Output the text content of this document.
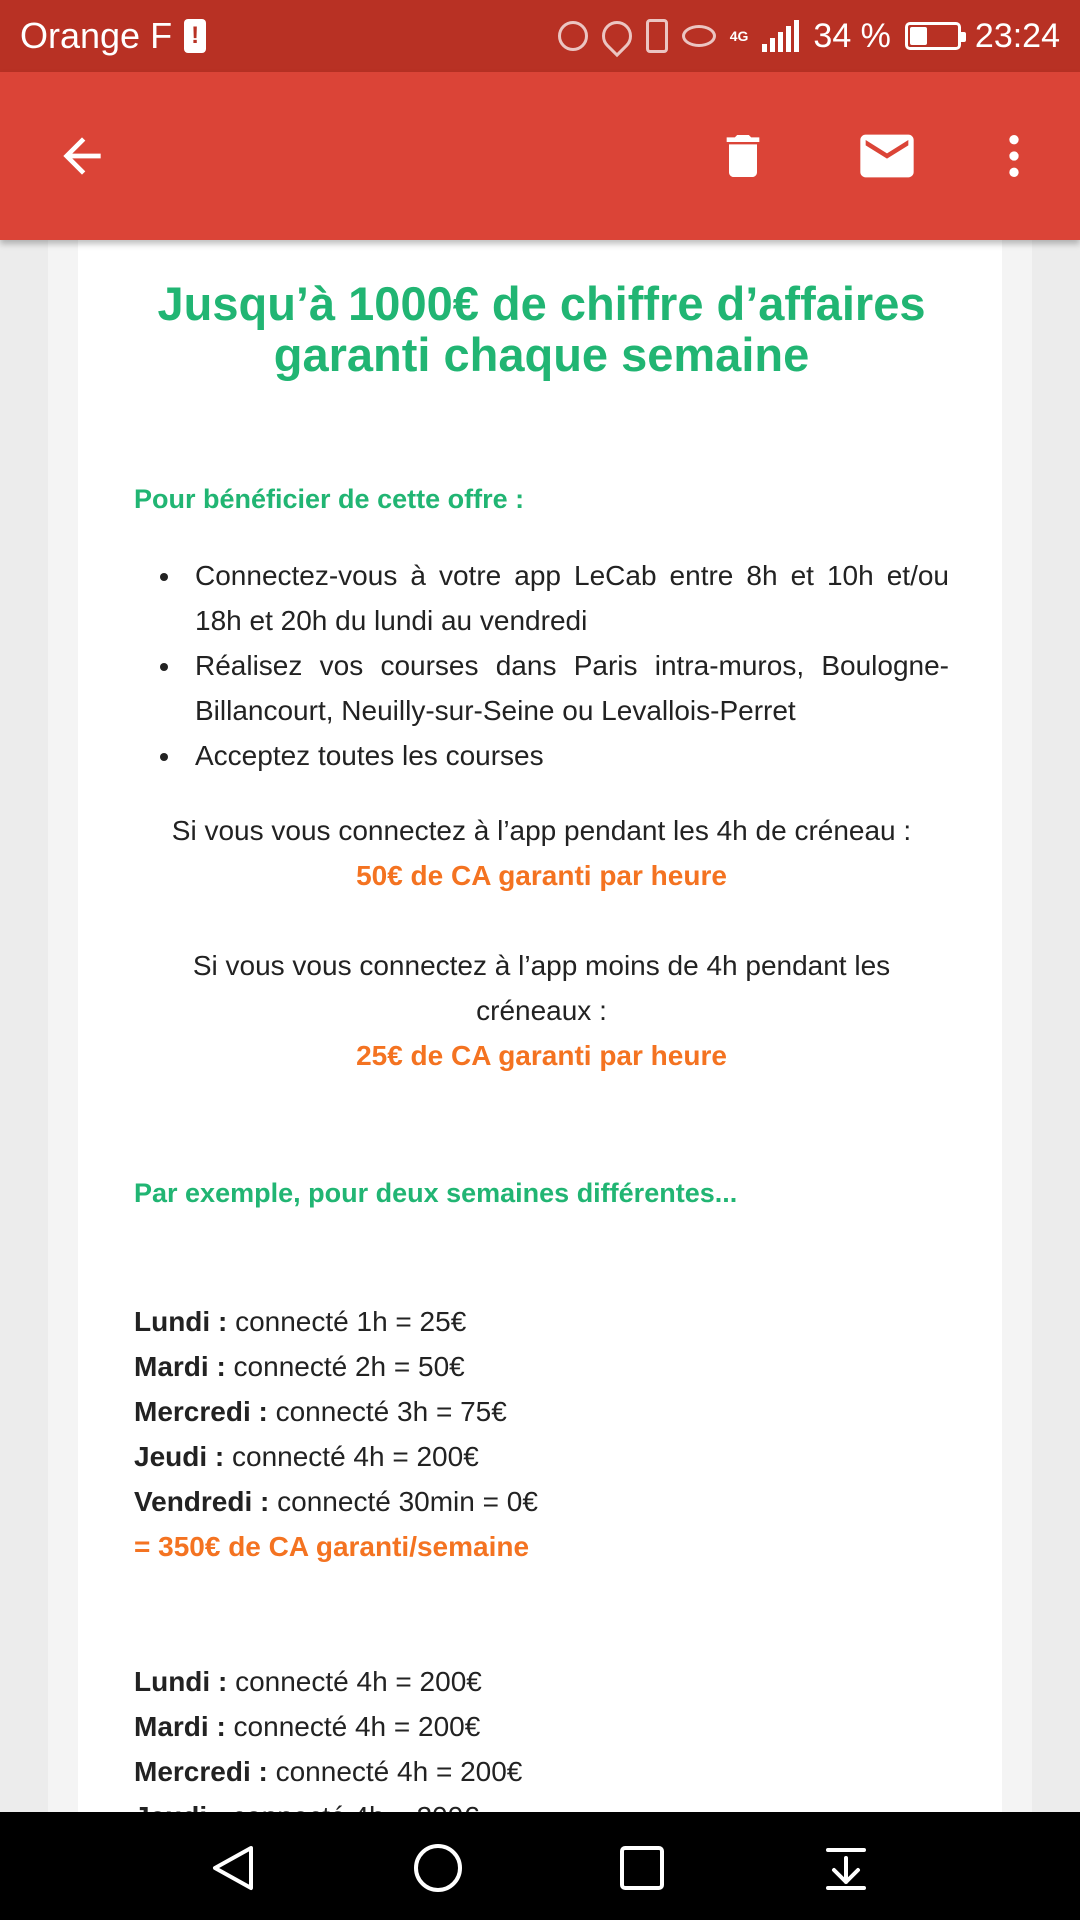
Orange F !	4G 34 % 23:24
Jusqu’à 1000€ de chiffre d’affaires garanti chaque semaine
Pour bénéficier de cette offre :
Connectez-vous à votre app LeCab entre 8h et 10h et/ou 18h et 20h du lundi au vendredi
Réalisez vos courses dans Paris intra-muros, Boulogne-Billancourt, Neuilly-sur-Seine ou Levallois-Perret
Acceptez toutes les courses
Si vous vous connectez à l’app pendant les 4h de créneau :
50€ de CA garanti par heure
Si vous vous connectez à l’app moins de 4h pendant les créneaux :
25€ de CA garanti par heure
Par exemple, pour deux semaines différentes...
Lundi : connecté 1h = 25€
Mardi : connecté 2h = 50€
Mercredi : connecté 3h = 75€
Jeudi : connecté 4h = 200€
Vendredi : connecté 30min = 0€
= 350€ de CA garanti/semaine
Lundi : connecté 4h = 200€
Mardi : connecté 4h = 200€
Mercredi : connecté 4h = 200€
